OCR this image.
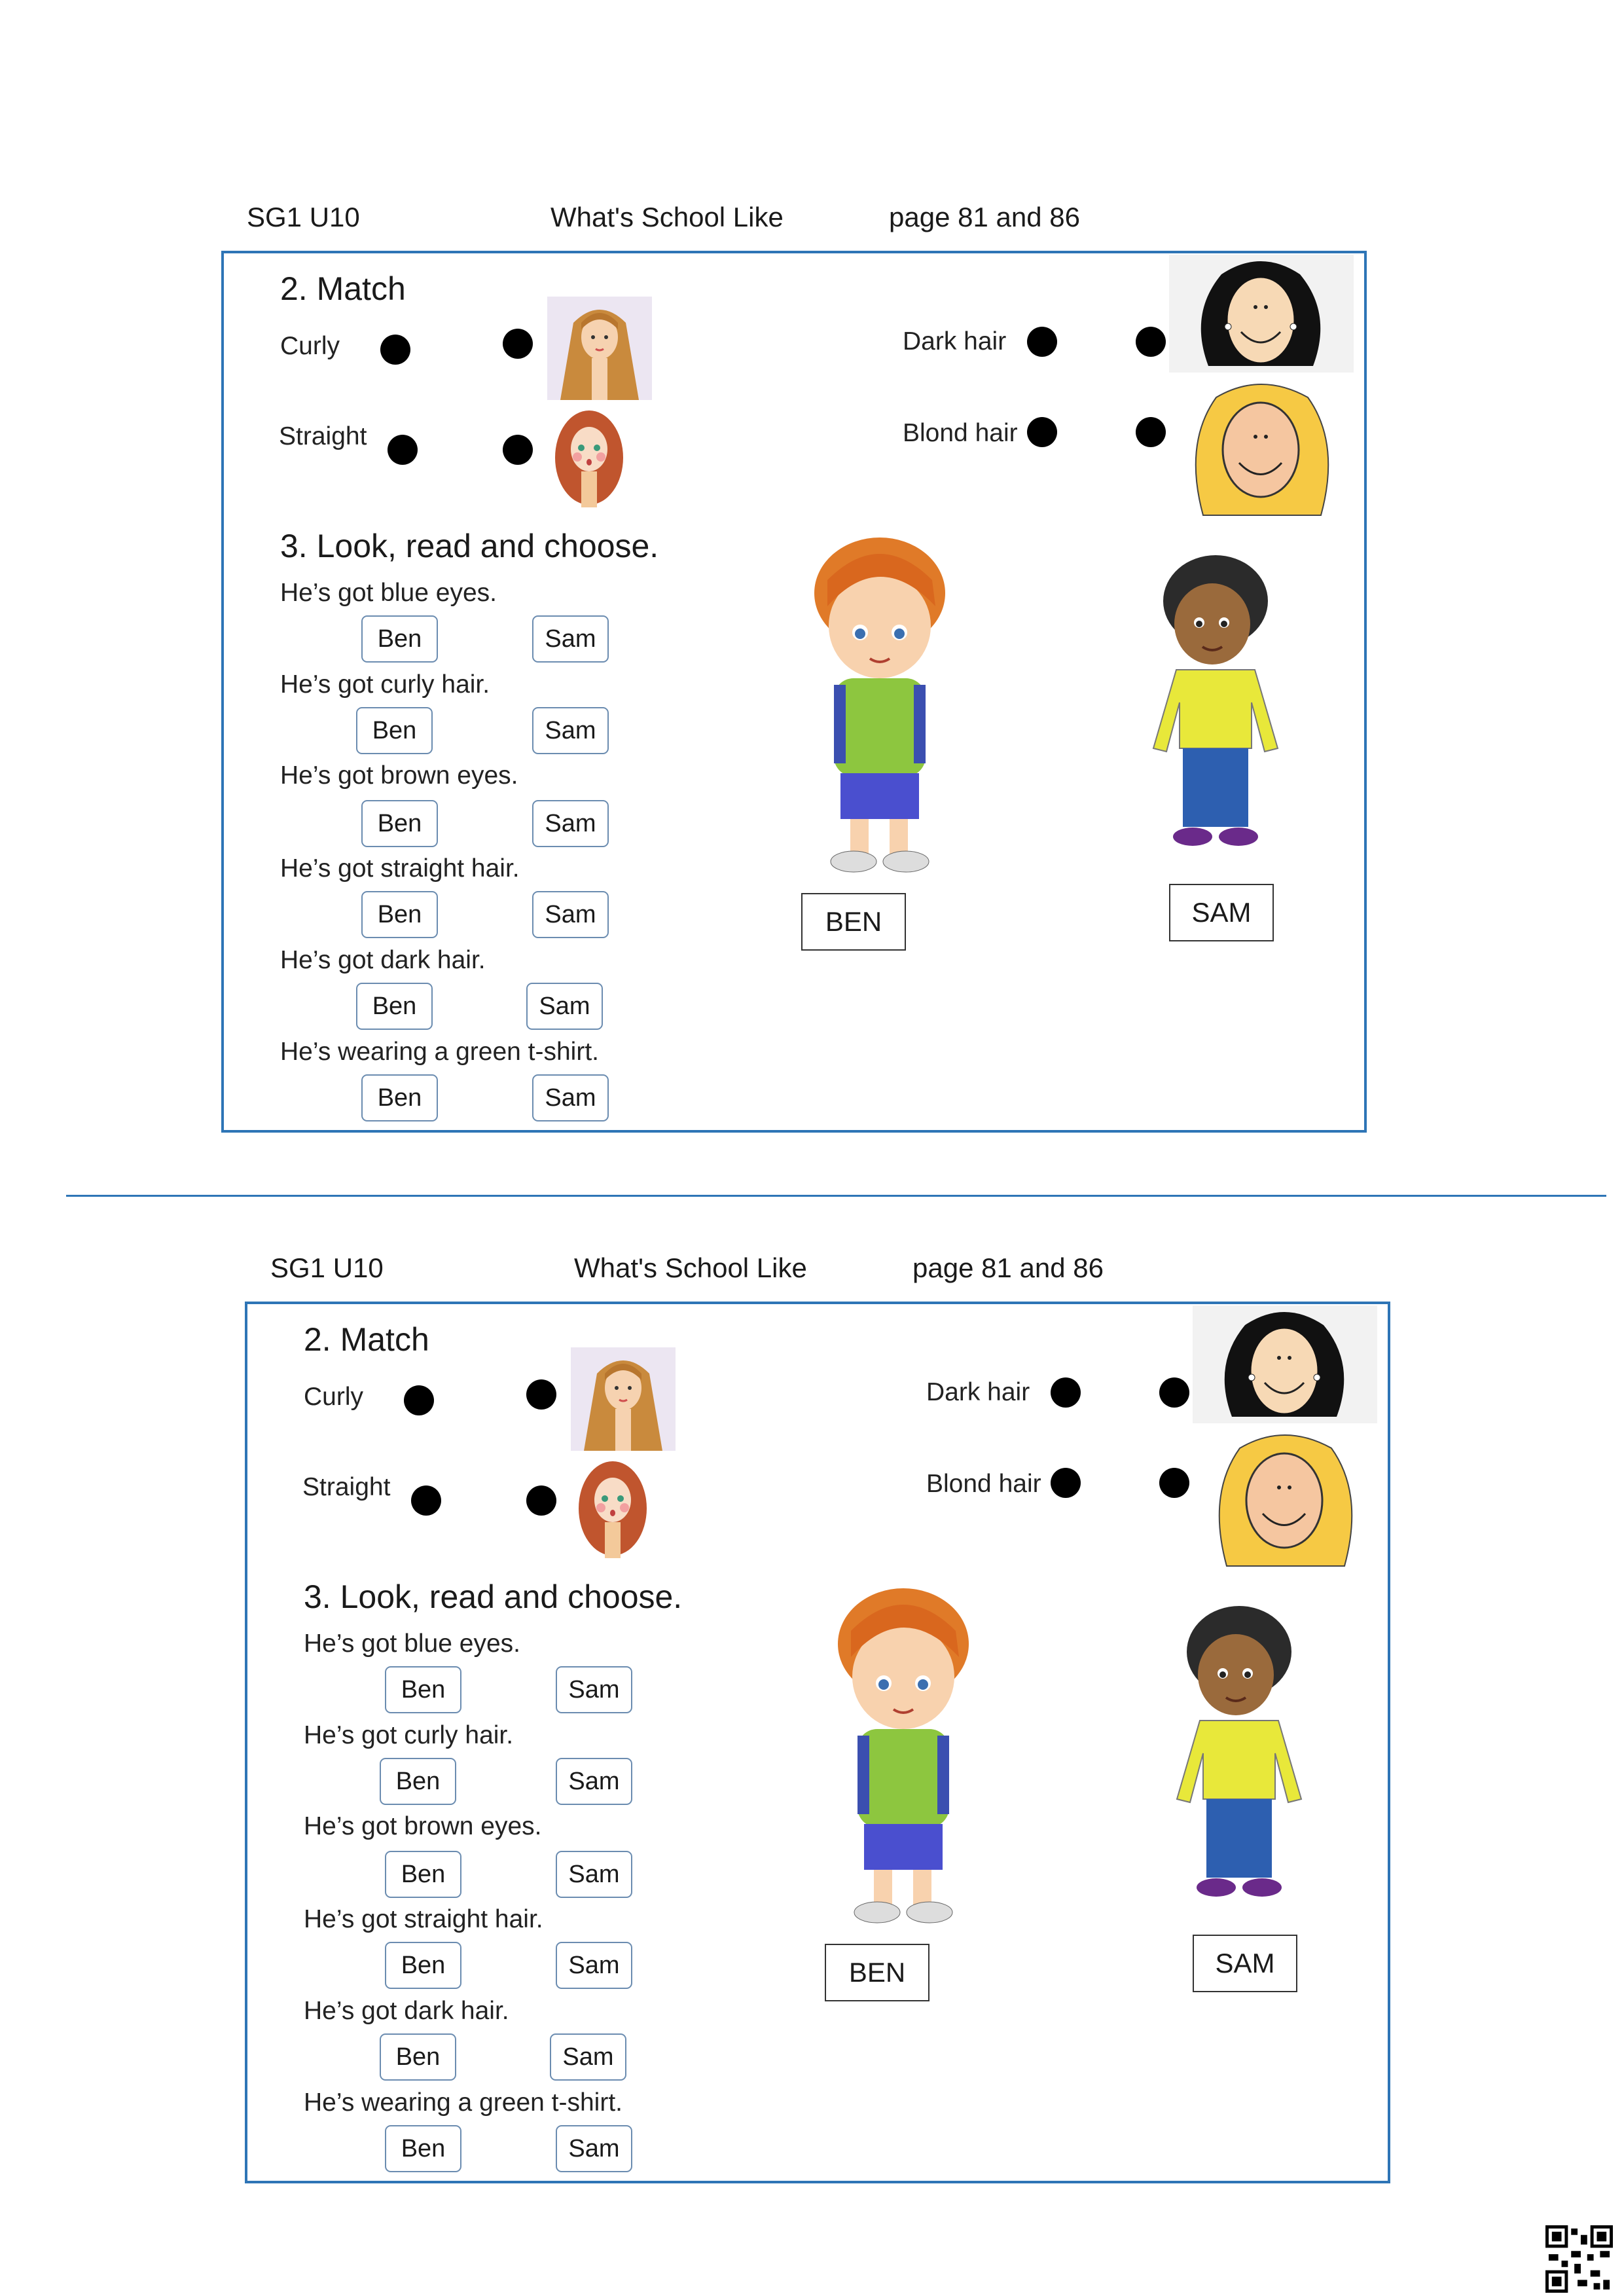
SG1 U10	What's School Like	page 81 and 86
2. Match
Curly
Straight
Dark hair
Blond hair
3. Look, read and choose.
He’s got blue eyes.
Ben	Sam
He’s got curly hair.
Ben	Sam
He’s got brown eyes.
Ben	Sam
He’s got straight hair.
Ben	Sam
He’s got dark hair.
Ben	Sam
He’s wearing a green t-shirt.
Ben	Sam
BEN	SAM
SG1 U10	What's School Like	page 81 and 86
2. Match
Curly
Straight
Dark hair
Blond hair
3. Look, read and choose.
He’s got blue eyes.
Ben	Sam
He’s got curly hair.
Ben	Sam
He’s got brown eyes.
Ben	Sam
He’s got straight hair.
Ben	Sam
He’s got dark hair.
Ben	Sam
He’s wearing a green t-shirt.
Ben	Sam
BEN	SAM
